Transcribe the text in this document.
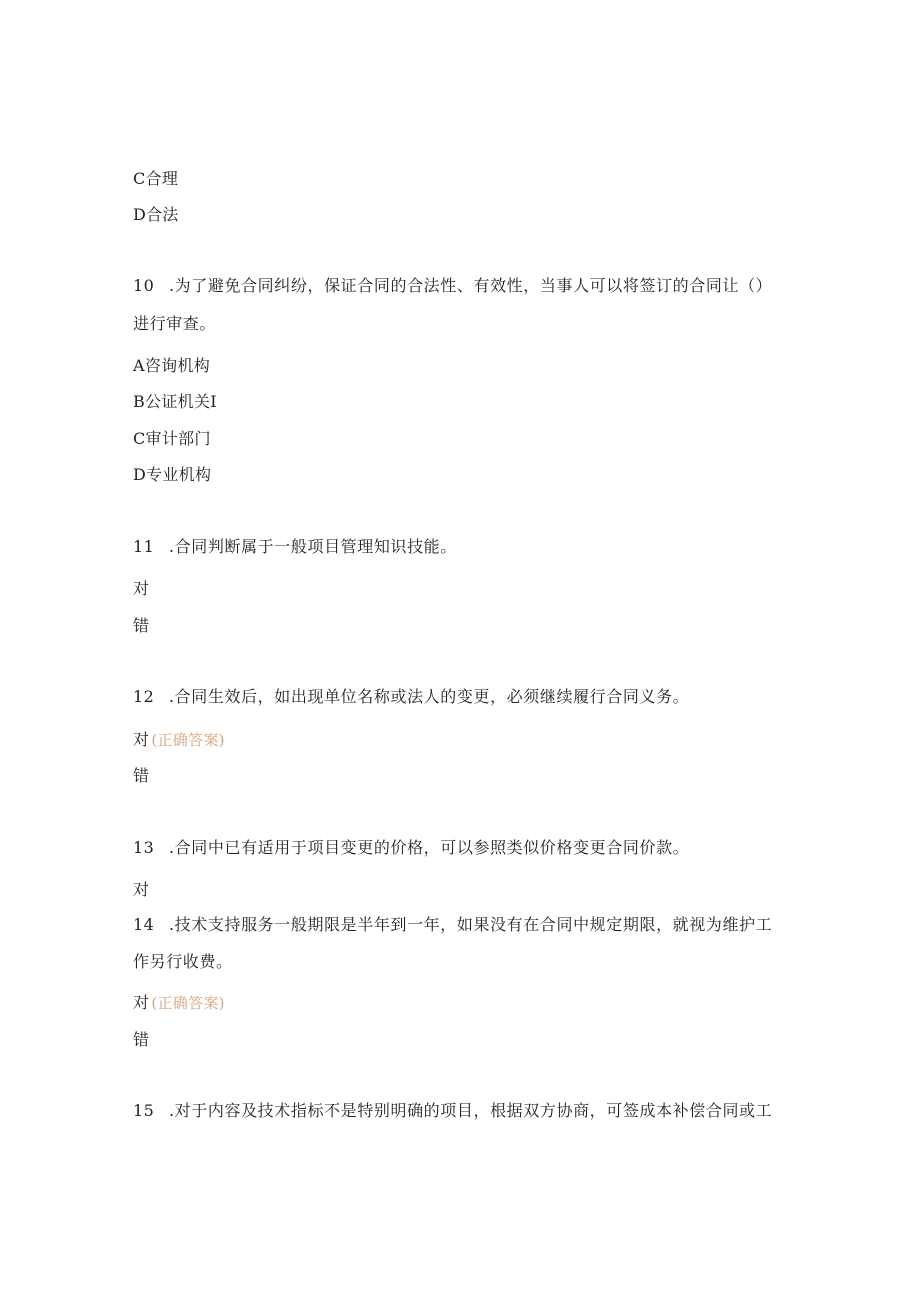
C合理
D合法
10 .为了避免合同纠纷，保证合同的合法性、有效性，当事人可以将签订的合同让（）
进行审查。
A咨询机构
B公证机关I
C审计部门
D专业机构
11 .合同判断属于一般项目管理知识技能。
对
错
12 .合同生效后，如出现单位名称或法人的变更，必须继续履行合同义务。
对 (正确答案)
错
13 .合同中已有适用于项目变更的价格，可以参照类似价格变更合同价款。
对
14 .技术支持服务一般期限是半年到一年，如果没有在合同中规定期限，就视为维护工
作另行收费。
对 (正确答案)
错
15 .对于内容及技术指标不是特别明确的项目，根据双方协商，可签成本补偿合同或工
